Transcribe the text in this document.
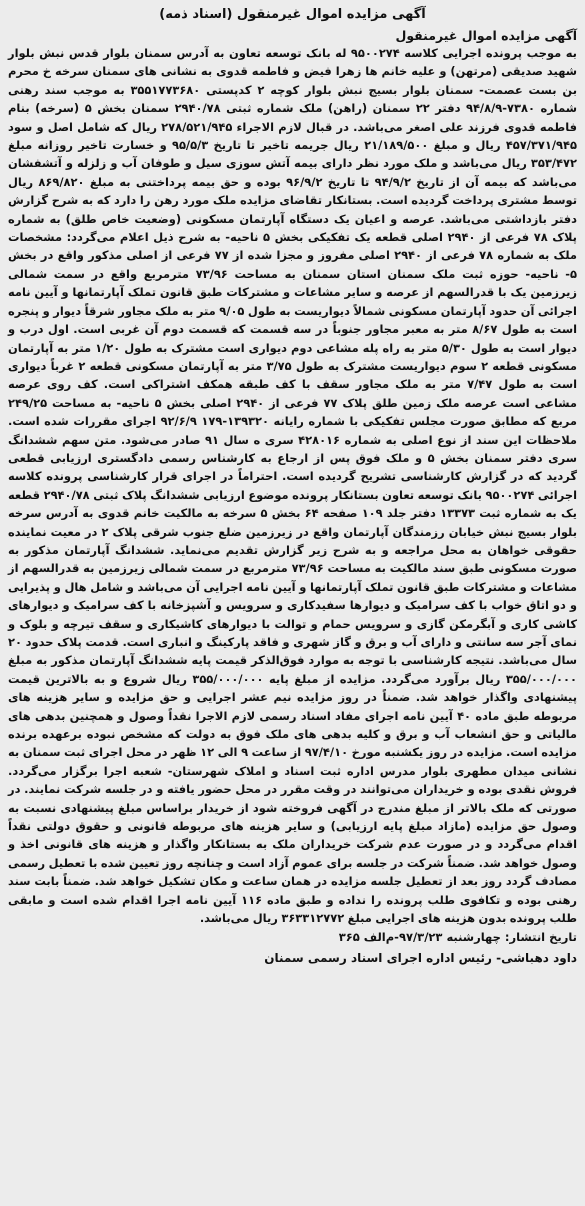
آگهی مزایده اموال غیرمنقول (اسناد ذمه)
آگهی مزایده اموال غیرمنقول

به موجب پرونده اجرایی کلاسه ۹۵۰۰۲۷۴ له بانک توسعه تعاون به آدرس سمنان بلوار قدس نبش بلوار شهید صدیقی (مرتهن) و علیه خانم ها زهرا فیض و فاطمه قدوی به نشانی های سمنان سرخه خ محرم بن بست عصمت- سمنان بلوار بسیج نبش بلوار کوچه ۲ کدپستی ۳۵۵۱۷۷۳۶۸۰ به موجب سند رهنی شماره ۷۳۸۰-۹۴/۸/۹ دفتر ۲۲ سمنان (راهن) ملک شماره ثبتی ۲۹۴۰/۷۸ سمنان بخش ۵ (سرخه) بنام فاطمه قدوی فرزند علی اصغر می‌باشد. در قبال لازم الاجراء ۲۷۸/۵۲۱/۹۴۵ ریال که شامل اصل و سود ۴۵۷/۳۷۱/۹۴۵ ریال و مبلغ ۲۱/۱۸۹/۵۰۰ ریال جریمه تاخیر تا تاریخ ۹۵/۵/۳ و خسارت تاخیر روزانه مبلغ ۳۵۳/۴۷۲ ریال می‌باشد و ملک مورد نظر دارای بیمه آتش سوزی سیل و طوفان آب و زلزله و آتشفشان می‌باشد که بیمه آن از تاریخ ۹۴/۹/۲ تا تاریخ ۹۶/۹/۲ بوده و حق بیمه پرداختنی به مبلغ ۸۶۹/۸۲۰ ریال توسط مشتری پرداخت گردیده است. بستانکار تقاضای مزایده ملک مورد رهن را دارد که به شرح گزارش دفتر بازداشتی می‌باشد. عرصه و اعیان یک دستگاه آپارتمان مسکونی (وضعیت خاص طلق) به شماره پلاک ۷۸ فرعی از ۲۹۴۰ اصلی قطعه یک تفکیکی بخش ۵ ناحیه- به شرح ذیل اعلام می‌گردد: مشخصات ملک به شماره ۷۸ فرعی از ۲۹۴۰ اصلی مفروز و مجزا شده از ۷۷ فرعی از اصلی مذکور واقع در بخش ۵- ناحیه- حوزه ثبت ملک سمنان استان سمنان به مساحت ۷۳/۹۶ مترمربع واقع در سمت شمالی زیرزمین یک با قدرالسهم از عرصه و سایر مشاعات و مشترکات طبق قانون تملک آپارتمانها و آیین نامه اجرائی آن حدود آپارتمان مسکونی شمالاً دیواریست به طول ۹/۰۵ متر به ملک مجاور شرقاً دیوار و پنجره است به طول ۸/۶۷ متر به معبر مجاور جنوباً در سه قسمت که قسمت دوم آن غربی است. اول درب و دیوار است به طول ۵/۳۰ متر به راه پله مشاعی دوم دیواری است مشترک به طول ۱/۲۰ متر به آپارتمان مسکونی قطعه ۲ سوم دیواریست مشترک به طول ۳/۷۵ متر به آپارتمان مسکونی قطعه ۲ غرباً دیواری است به طول ۷/۴۷ متر به ملک مجاور سقف با کف طبقه همکف اشتراکی است. کف روی عرصه مشاعی است عرصه ملک زمین طلق پلاک ۷۷ فرعی از ۲۹۴۰ اصلی بخش ۵ ناحیه- به مساحت ۲۴۹/۲۵ مربع که مطابق صورت مجلس تفکیکی با شماره رایانه ۱۳۹۳۲۰-۱۷۹ ۹۲/۶/۹ اجرای مقررات شده است. ملاحظات این سند از نوع اصلی به شماره ۴۲۸۰۱۶ سری ه سال ۹۱ صادر می‌شود. متن سهم ششدانگ سری دفتر سمنان بخش ۵ و ملک فوق پس از ارجاع به کارشناس رسمی دادگستری ارزیابی قطعی گردید که در گزارش کارشناسی تشریح گردیده است. احتراماً در اجرای قرار کارشناسی پرونده کلاسه اجرائی ۹۵۰۰۲۷۴ بانک توسعه تعاون بستانکار پرونده موضوع ارزیابی ششدانگ پلاک ثبتی ۲۹۴۰/۷۸ قطعه یک به شماره ثبت ۱۳۳۷۳ دفتر جلد ۱۰۹ صفحه ۶۴ بخش ۵ سرخه به مالکیت خانم قدوی به آدرس سرخه بلوار بسیج نبش خیابان رزمندگان آپارتمان واقع در زیرزمین ضلع جنوب شرقی پلاک ۲ در معیت نماینده حقوقی خواهان به محل مراجعه و به شرح زیر گزارش تقدیم می‌نماید. ششدانگ آپارتمان مذکور به صورت مسکونی طبق سند مالکیت به مساحت ۷۳/۹۶ مترمربع در سمت شمالی زیرزمین به قدرالسهم از مشاعات و مشترکات طبق قانون تملک آپارتمانها و آیین نامه اجرایی آن می‌باشد و شامل هال و پذیرایی و دو اتاق خواب با کف سرامیک و دیوارها سفیدکاری و سرویس و آشپزخانه با کف سرامیک و دیوارهای کاشی کاری و آبگرمکن گازی و سرویس حمام و توالت با دیوارهای کاشیکاری و سقف تیرچه و بلوک و نمای آجر سه سانتی و دارای آب و برق و گاز شهری و فاقد پارکینگ و انباری است. قدمت پلاک حدود ۲۰ سال می‌باشد. نتیجه کارشناسی با توجه به موارد فوق‌الذکر قیمت پایه ششدانگ آپارتمان مذکور به مبلغ ۳۵۵/۰۰۰/۰۰۰ ریال برآورد می‌گردد. مزایده از مبلغ پایه ۳۵۵/۰۰۰/۰۰۰ ریال شروع و به بالاترین قیمت پیشنهادی واگذار خواهد شد. ضمناً در روز مزایده نیم عشر اجرایی و حق مزایده و سایر هزینه های مربوطه طبق ماده ۴۰ آیین نامه اجرای مفاد اسناد رسمی لازم الاجرا نقداً وصول و همچنین بدهی های مالیاتی و حق انشعاب آب و برق و کلیه بدهی های ملک فوق به دولت که مشخص نبوده برعهده برنده مزایده است. مزایده در روز یکشنبه مورخ ۹۷/۴/۱۰ از ساعت ۹ الی ۱۲ ظهر در محل اجرای ثبت سمنان به نشانی میدان مطهری بلوار مدرس اداره ثبت اسناد و املاک شهرستان- شعبه اجرا برگزار می‌گردد. فروش نقدی بوده و خریداران می‌توانند در وقت مقرر در محل حضور یافته و در جلسه شرکت نمایند. در صورتی که ملک بالاتر از مبلغ مندرج در آگهی فروخته شود از خریدار براساس مبلغ پیشنهادی نسبت به وصول حق مزایده (مازاد مبلغ پایه ارزیابی) و سایر هزینه های مربوطه قانونی و حقوق دولتی نقداً اقدام می‌گردد و در صورت عدم شرکت خریداران ملک به بستانکار واگذار و هزینه های قانونی اخذ و وصول خواهد شد. ضمناً شرکت در جلسه برای عموم آزاد است و چنانچه روز تعیین شده با تعطیل رسمی مصادف گردد روز بعد از تعطیل جلسه مزایده در همان ساعت و مکان تشکیل خواهد شد. ضمناً بابت سند رهنی بوده و تکافوی طلب پرونده را نداده و طبق ماده ۱۱۶ آیین نامه اجرا اقدام شده است و مابقی طلب پرونده بدون هزینه های اجرایی مبلغ ۳۶۳۳۱۲۷۷۲ ریال می‌باشد.

تاریخ انتشار: چهارشنبه ۹۷/۳/۲۳-م‌الف ۳۶۵
داود دهباشی- رئیس اداره اجرای اسناد رسمی سمنان
